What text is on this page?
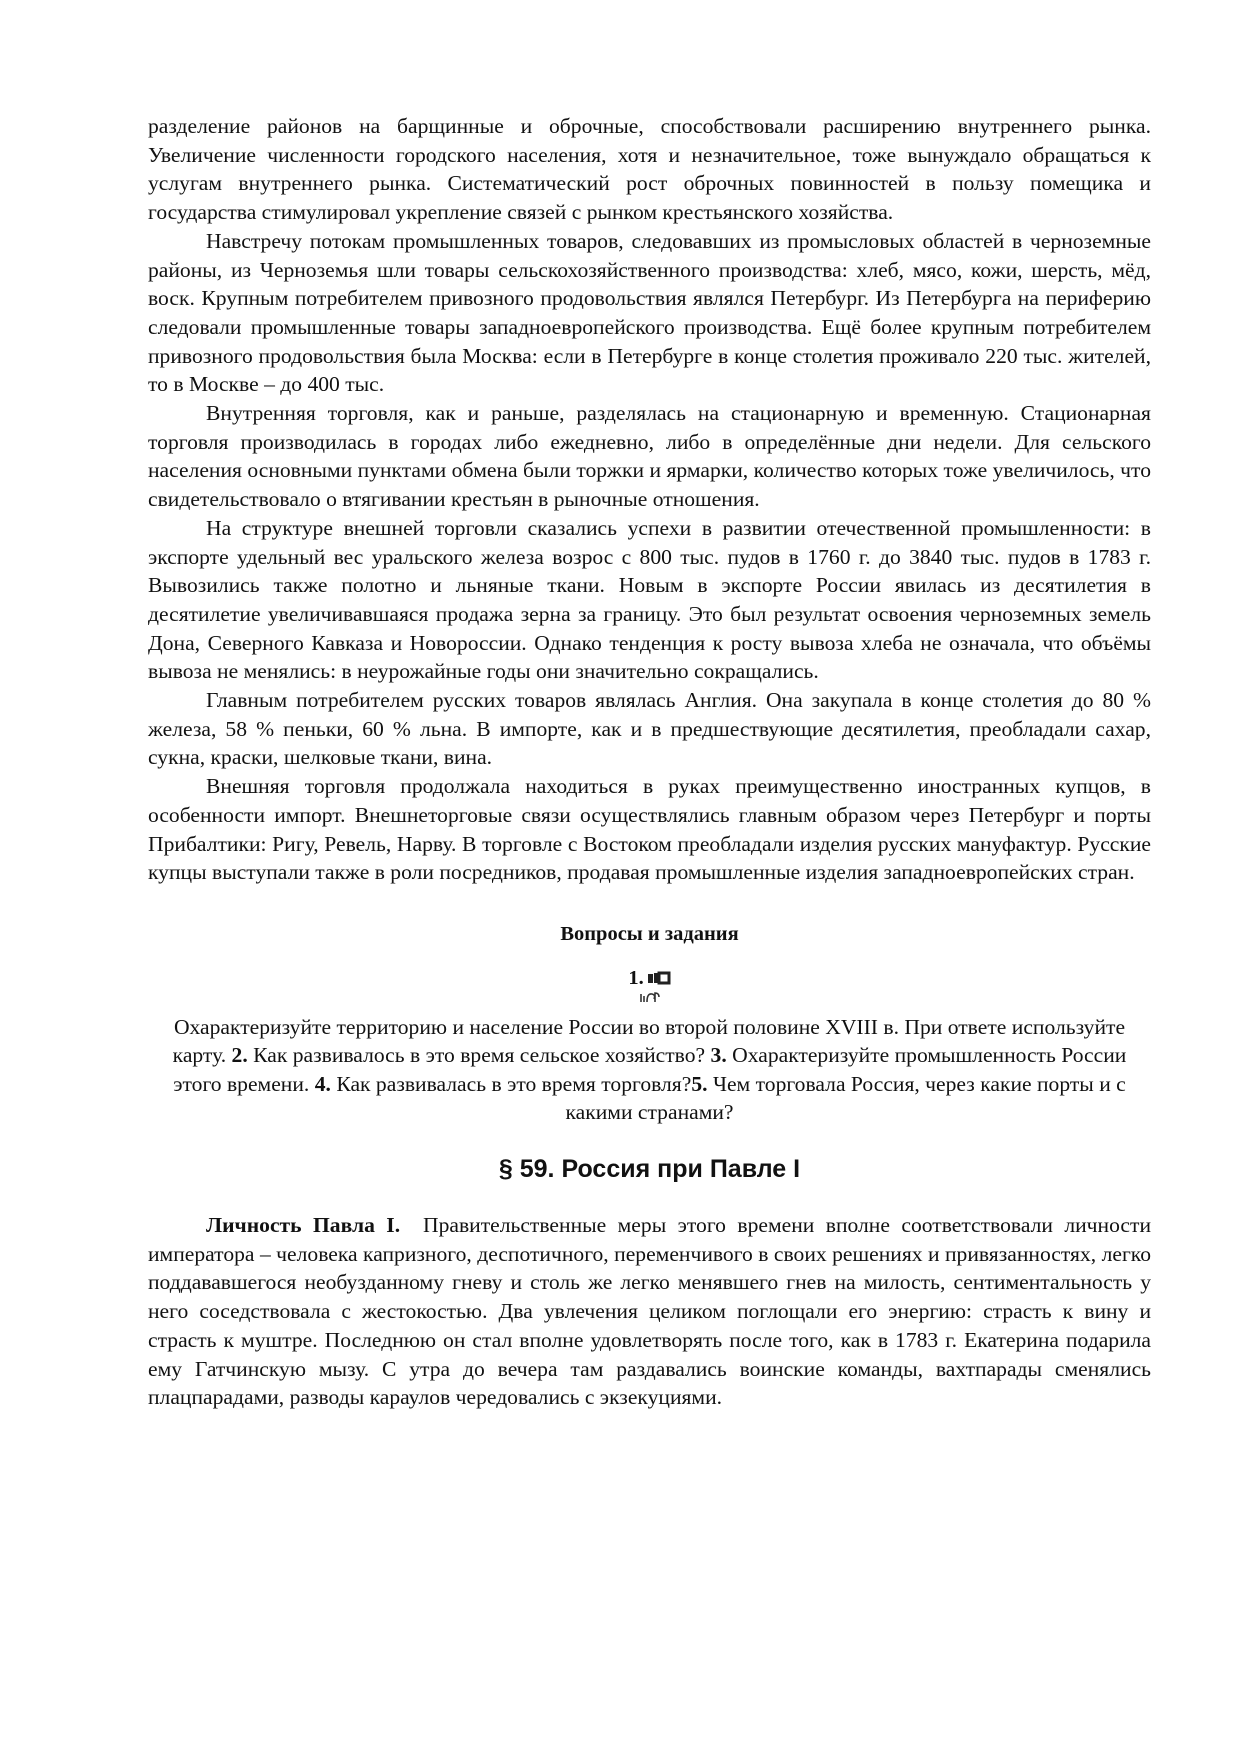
разделение районов на барщинные и оброчные, способствовали расширению внутреннего рынка. Увеличение численности городского населения, хотя и незначительное, тоже вынуждало обращаться к услугам внутреннего рынка. Систематический рост оброчных повинностей в пользу помещика и государства стимулировал укрепление связей с рынком крестьянского хозяйства.

Навстречу потокам промышленных товаров, следовавших из промысловых областей в черноземные районы, из Черноземья шли товары сельскохозяйственного производства: хлеб, мясо, кожи, шерсть, мёд, воск. Крупным потребителем привозного продовольствия являлся Петербург. Из Петербурга на периферию следовали промышленные товары западноевропейского производства. Ещё более крупным потребителем привозного продовольствия была Москва: если в Петербурге в конце столетия проживало 220 тыс. жителей, то в Москве – до 400 тыс.

Внутренняя торговля, как и раньше, разделялась на стационарную и временную. Стационарная торговля производилась в городах либо ежедневно, либо в определённые дни недели. Для сельского населения основными пунктами обмена были торжки и ярмарки, количество которых тоже увеличилось, что свидетельствовало о втягивании крестьян в рыночные отношения.

На структуре внешней торговли сказались успехи в развитии отечественной промышленности: в экспорте удельный вес уральского железа возрос с 800 тыс. пудов в 1760 г. до 3840 тыс. пудов в 1783 г. Вывозились также полотно и льняные ткани. Новым в экспорте России явилась из десятилетия в десятилетие увеличивавшаяся продажа зерна за границу. Это был результат освоения черноземных земель Дона, Северного Кавказа и Новороссии. Однако тенденция к росту вывоза хлеба не означала, что объёмы вывоза не менялись: в неурожайные годы они значительно сокращались.

Главным потребителем русских товаров являлась Англия. Она закупала в конце столетия до 80 % железа, 58 % пеньки, 60 % льна. В импорте, как и в предшествующие десятилетия, преобладали сахар, сукна, краски, шелковые ткани, вина.

Внешняя торговля продолжала находиться в руках преимущественно иностранных купцов, в особенности импорт. Внешнеторговые связи осуществлялись главным образом через Петербург и порты Прибалтики: Ригу, Ревель, Нарву. В торговле с Востоком преобладали изделия русских мануфактур. Русские купцы выступали также в роли посредников, продавая промышленные изделия западноевропейских стран.

Вопросы и задания
1.
Охарактеризуйте территорию и население России во второй половине XVIII в. При ответе используйте карту. 2. Как развивалось в это время сельское хозяйство? 3. Охарактеризуйте промышленность России этого времени. 4. Как развивалась в это время торговля?5. Чем торговала Россия, через какие порты и с какими странами?
§ 59. Россия при Павле I

Личность Павла I. Правительственные меры этого времени вполне соответствовали личности императора – человека капризного, деспотичного, переменчивого в своих решениях и привязанностях, легко поддававшегося необузданному гневу и столь же легко менявшего гнев на милость, сентиментальность у него соседствовала с жестокостью. Два увлечения целиком поглощали его энергию: страсть к вину и страсть к муштре. Последнюю он стал вполне удовлетворять после того, как в 1783 г. Екатерина подарила ему Гатчинскую мызу. С утра до вечера там раздавались воинские команды, вахтпарады сменялись плацпарадами, разводы караулов чередовались с экзекуциями.
